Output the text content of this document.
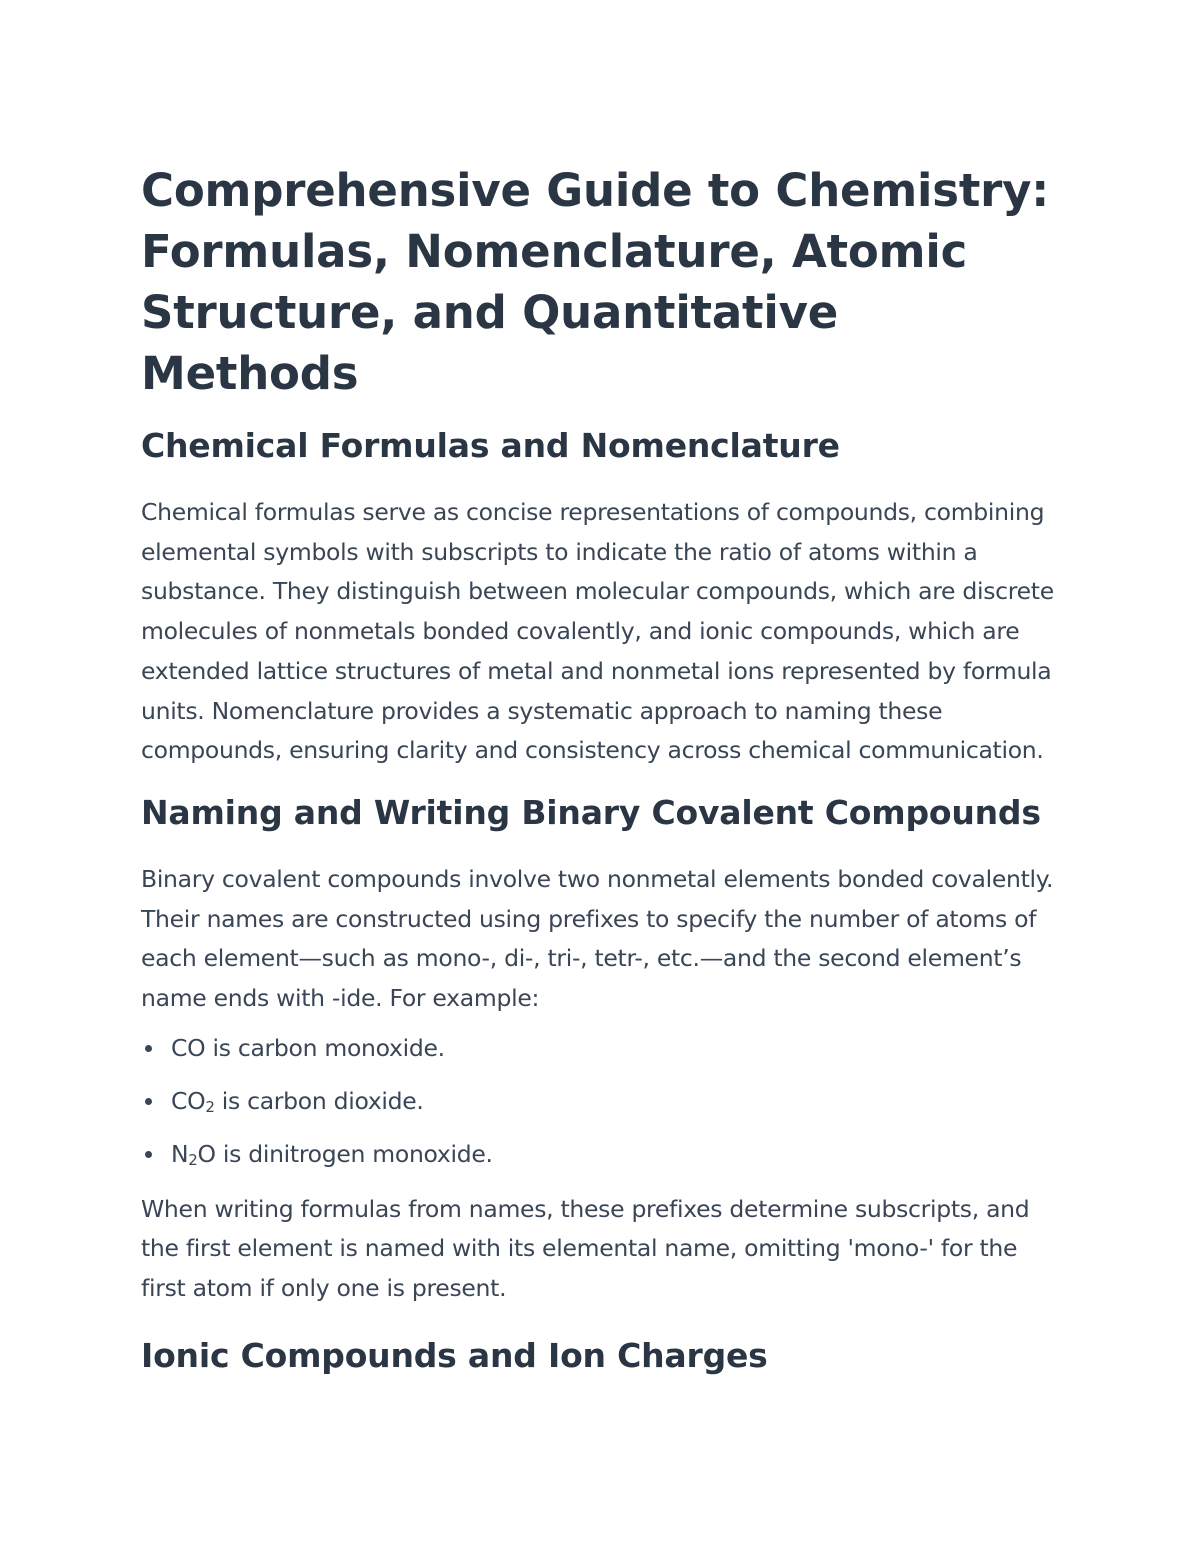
Comprehensive Guide to Chemistry: Formulas, Nomenclature, Atomic Structure, and Quantitative Methods
Chemical Formulas and Nomenclature

Chemical formulas serve as concise representations of compounds, combining elemental symbols with subscripts to indicate the ratio of atoms within a substance. They distinguish between molecular compounds, which are discrete molecules of nonmetals bonded covalently, and ionic compounds, which are extended lattice structures of metal and nonmetal ions represented by formula units. Nomenclature provides a systematic approach to naming these compounds, ensuring clarity and consistency across chemical communication.

Naming and Writing Binary Covalent Compounds

Binary covalent compounds involve two nonmetal elements bonded covalently. Their names are constructed using prefixes to specify the number of atoms of each element—such as mono-, di-, tri-, tetr-, etc.—and the second element’s name ends with -ide. For example:

CO is carbon monoxide.
$CO_2$ is carbon dioxide.
$N_2O$ is dinitrogen monoxide.

When writing formulas from names, these prefixes determine subscripts, and the first element is named with its elemental name, omitting 'mono-' for the first atom if only one is present.

Ionic Compounds and Ion Charges
